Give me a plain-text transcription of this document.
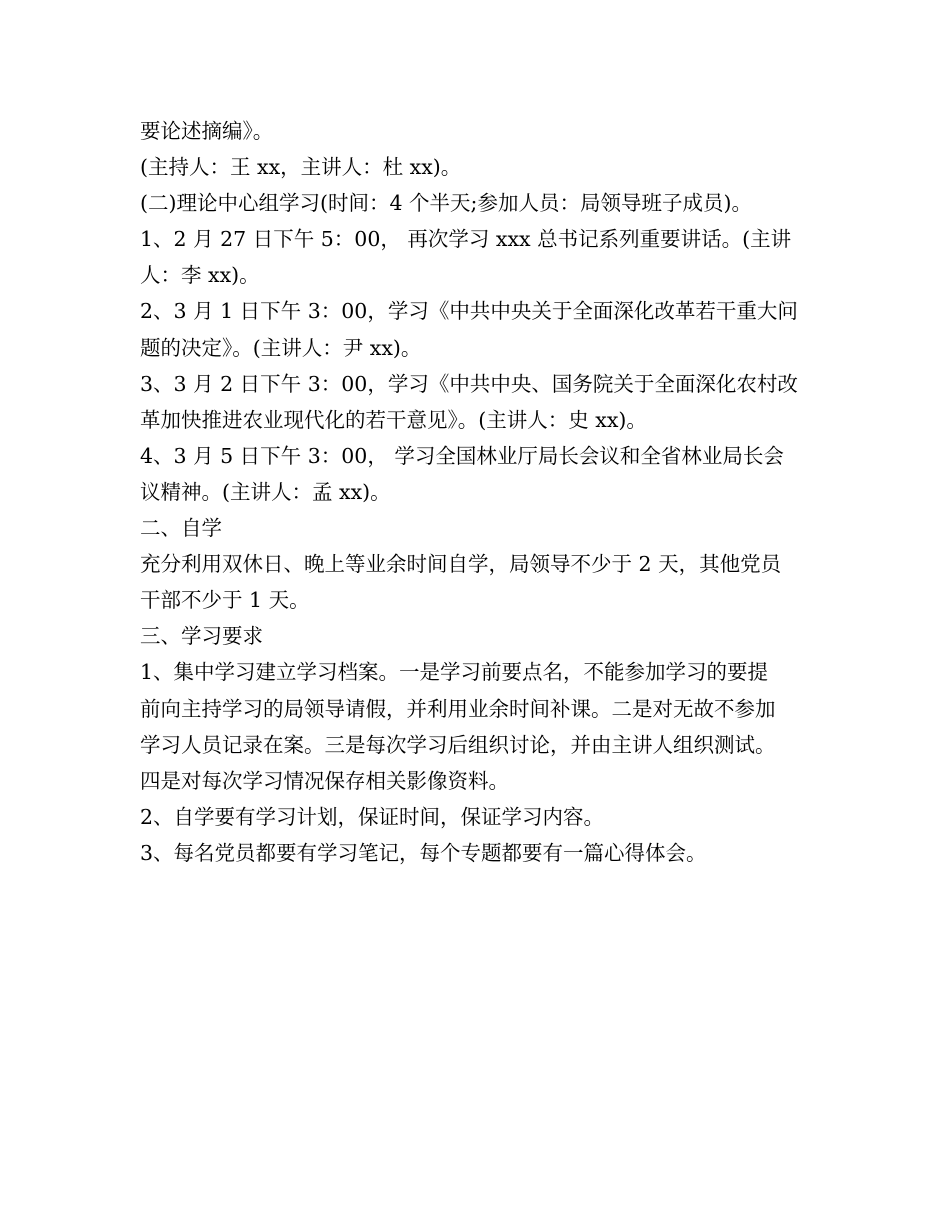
要论述摘编》。
(主持人：王 xx，主讲人：杜 xx)。
(二)理论中心组学习(时间：4 个半天;参加人员：局领导班子成员)。
1、2 月 27 日下午 5：00， 再次学习 xxx 总书记系列重要讲话。(主讲
人：李 xx)。
2、3 月 1 日下午 3：00，学习《中共中央关于全面深化改革若干重大问
题的决定》。(主讲人：尹 xx)。
3、3 月 2 日下午 3：00，学习《中共中央、国务院关于全面深化农村改
革加快推进农业现代化的若干意见》。(主讲人：史 xx)。
4、3 月 5 日下午 3：00， 学习全国林业厅局长会议和全省林业局长会
议精神。(主讲人：孟 xx)。
二、自学
充分利用双休日、晚上等业余时间自学，局领导不少于 2 天，其他党员
干部不少于 1 天。
三、学习要求
1、集中学习建立学习档案。一是学习前要点名，不能参加学习的要提
前向主持学习的局领导请假，并利用业余时间补课。二是对无故不参加
学习人员记录在案。三是每次学习后组织讨论，并由主讲人组织测试。
四是对每次学习情况保存相关影像资料。
2、自学要有学习计划，保证时间，保证学习内容。
3、每名党员都要有学习笔记，每个专题都要有一篇心得体会。
